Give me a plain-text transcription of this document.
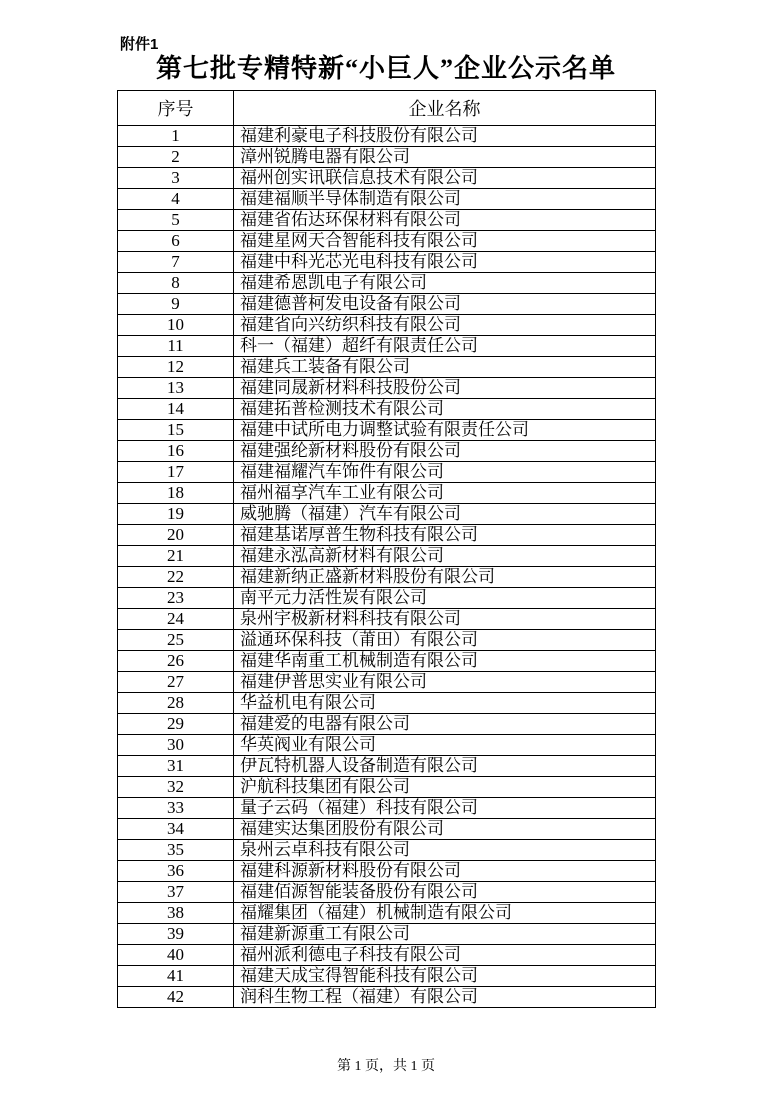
附件1
第七批专精特新“小巨人”企业公示名单
序号	企业名称
1	福建利豪电子科技股份有限公司
2	漳州锐腾电器有限公司
3	福州创实讯联信息技术有限公司
4	福建福顺半导体制造有限公司
5	福建省佑达环保材料有限公司
6	福建星网天合智能科技有限公司
7	福建中科光芯光电科技有限公司
8	福建希恩凯电子有限公司
9	福建德普柯发电设备有限公司
10	福建省向兴纺织科技有限公司
11	科一（福建）超纤有限责任公司
12	福建兵工装备有限公司
13	福建同晟新材料科技股份公司
14	福建拓普检测技术有限公司
15	福建中试所电力调整试验有限责任公司
16	福建强纶新材料股份有限公司
17	福建福耀汽车饰件有限公司
18	福州福享汽车工业有限公司
19	威驰腾（福建）汽车有限公司
20	福建基诺厚普生物科技有限公司
21	福建永泓高新材料有限公司
22	福建新纳正盛新材料股份有限公司
23	南平元力活性炭有限公司
24	泉州宇极新材料科技有限公司
25	溢通环保科技（莆田）有限公司
26	福建华南重工机械制造有限公司
27	福建伊普思实业有限公司
28	华益机电有限公司
29	福建爱的电器有限公司
30	华英阀业有限公司
31	伊瓦特机器人设备制造有限公司
32	沪航科技集团有限公司
33	量子云码（福建）科技有限公司
34	福建实达集团股份有限公司
35	泉州云卓科技有限公司
36	福建科源新材料股份有限公司
37	福建佰源智能装备股份有限公司
38	福耀集团（福建）机械制造有限公司
39	福建新源重工有限公司
40	福州派利德电子科技有限公司
41	福建天成宝得智能科技有限公司
42	润科生物工程（福建）有限公司
第 1 页，共 1 页
